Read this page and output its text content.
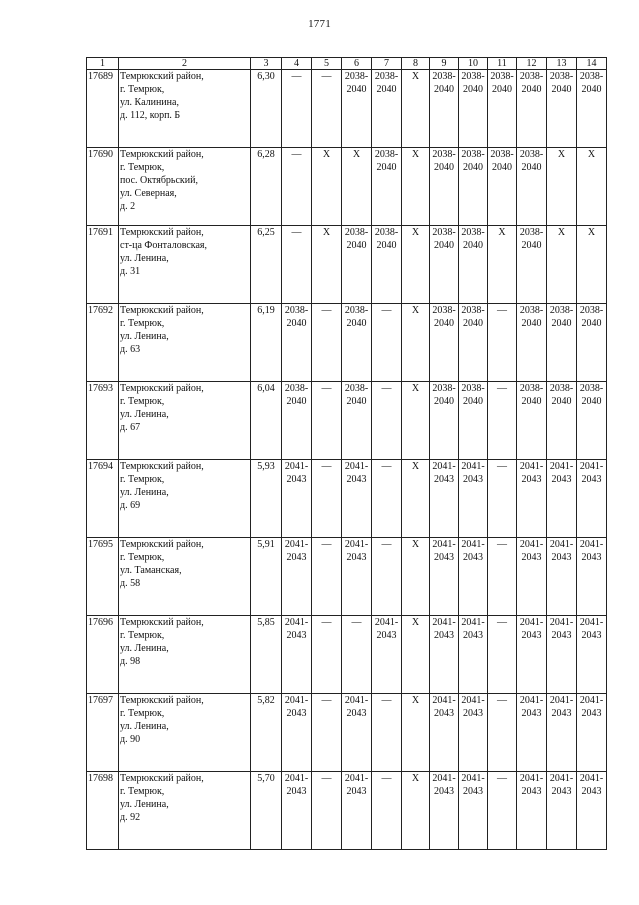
1771
1	2	3	4	5	6	7	8	9	10	11	12	13	14
17689	Темрюкский район,
г. Темрюк,
ул. Калинина,
д. 112, корп. Б	6,30	—	—	2038-
2040	2038-
2040	Х	2038-
2040	2038-
2040	2038-
2040	2038-
2040	2038-
2040	2038-
2040
17690	Темрюкский район,
г. Темрюк,
пос. Октябрьский,
ул. Северная,
д. 2	6,28	—	Х	Х	2038-
2040	Х	2038-
2040	2038-
2040	2038-
2040	2038-
2040	Х	Х
17691	Темрюкский район,
ст-ца Фонталовская,
ул. Ленина,
д. 31	6,25	—	Х	2038-
2040	2038-
2040	Х	2038-
2040	2038-
2040	Х	2038-
2040	Х	Х
17692	Темрюкский район,
г. Темрюк,
ул. Ленина,
д. 63	6,19	2038-
2040	—	2038-
2040	—	Х	2038-
2040	2038-
2040	—	2038-
2040	2038-
2040	2038-
2040
17693	Темрюкский район,
г. Темрюк,
ул. Ленина,
д. 67	6,04	2038-
2040	—	2038-
2040	—	Х	2038-
2040	2038-
2040	—	2038-
2040	2038-
2040	2038-
2040
17694	Темрюкский район,
г. Темрюк,
ул. Ленина,
д. 69	5,93	2041-
2043	—	2041-
2043	—	Х	2041-
2043	2041-
2043	—	2041-
2043	2041-
2043	2041-
2043
17695	Темрюкский район,
г. Темрюк,
ул. Таманская,
д. 58	5,91	2041-
2043	—	2041-
2043	—	Х	2041-
2043	2041-
2043	—	2041-
2043	2041-
2043	2041-
2043
17696	Темрюкский район,
г. Темрюк,
ул. Ленина,
д. 98	5,85	2041-
2043	—	—	2041-
2043	Х	2041-
2043	2041-
2043	—	2041-
2043	2041-
2043	2041-
2043
17697	Темрюкский район,
г. Темрюк,
ул. Ленина,
д. 90	5,82	2041-
2043	—	2041-
2043	—	Х	2041-
2043	2041-
2043	—	2041-
2043	2041-
2043	2041-
2043
17698	Темрюкский район,
г. Темрюк,
ул. Ленина,
д. 92	5,70	2041-
2043	—	2041-
2043	—	Х	2041-
2043	2041-
2043	—	2041-
2043	2041-
2043	2041-
2043
